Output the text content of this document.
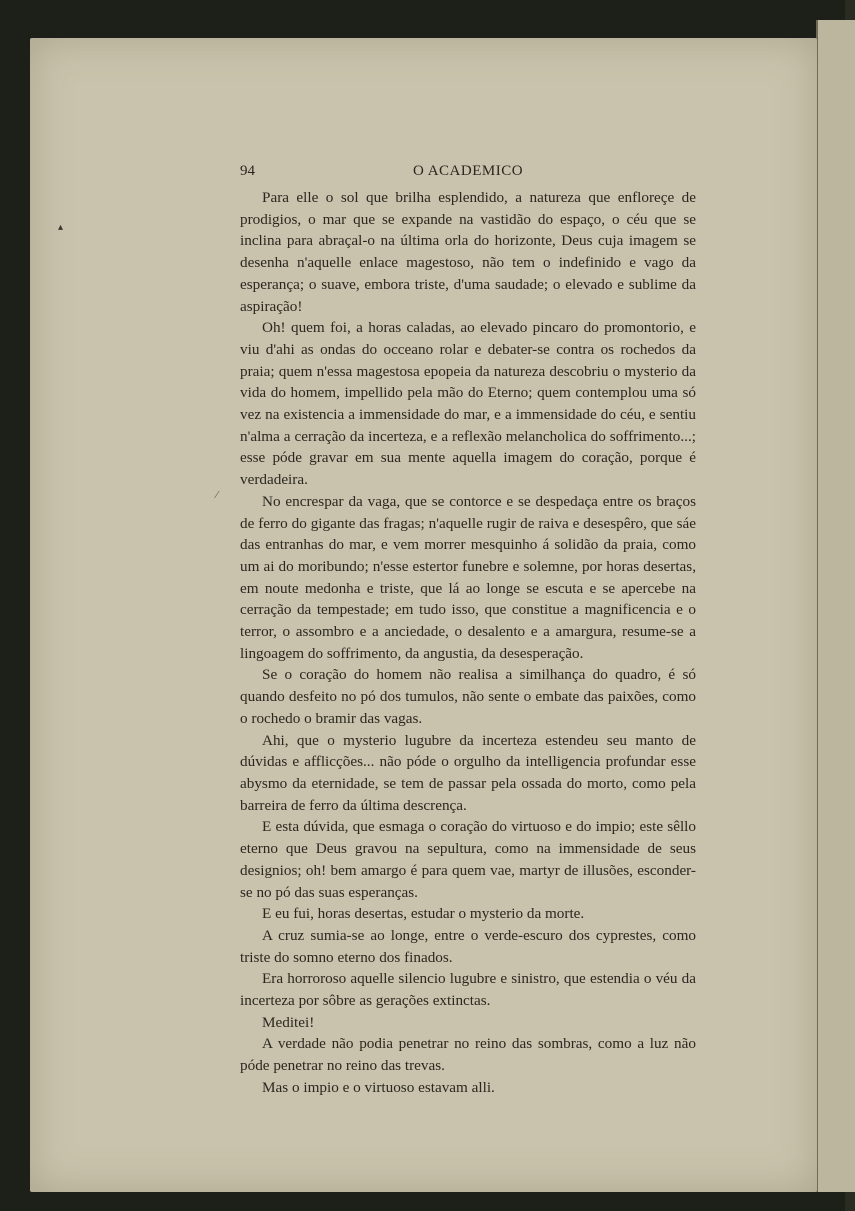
94	O ACADEMICO

Para elle o sol que brilha esplendido, a natureza que enfloreçe de prodigios, o mar que se expande na vastidão do espaço, o céu que se inclina para abraçal-o na última orla do horizonte, Deus cuja imagem se desenha n'aquelle enlace magestoso, não tem o indefinido e vago da esperança; o suave, embora triste, d'uma saudade; o elevado e sublime da aspiração!

Oh! quem foi, a horas caladas, ao elevado pincaro do promontorio, e viu d'ahi as ondas do occeano rolar e debater-se contra os rochedos da praia; quem n'essa magestosa epopeia da natureza descobriu o mysterio da vida do homem, impellido pela mão do Eterno; quem contemplou uma só vez na existencia a immensidade do mar, e a immensidade do céu, e sentiu n'alma a cerração da incerteza, e a reflexão melancholica do soffrimento...; esse póde gravar em sua mente aquella imagem do coração, porque é verdadeira.

No encrespar da vaga, que se contorce e se despedaça entre os braços de ferro do gigante das fragas; n'aquelle rugir de raiva e desespêro, que sáe das entranhas do mar, e vem morrer mesquinho á solidão da praia, como um ai do moribundo; n'esse estertor funebre e solemne, por horas desertas, em noute medonha e triste, que lá ao longe se escuta e se apercebe na cerração da tempestade; em tudo isso, que constitue a magnificencia e o terror, o assombro e a anciedade, o desalento e a amargura, resume-se a lingoagem do soffrimento, da angustia, da desesperação.

Se o coração do homem não realisa a similhança do quadro, é só quando desfeito no pó dos tumulos, não sente o embate das paixões, como o rochedo o bramir das vagas.

Ahi, que o mysterio lugubre da incerteza estendeu seu manto de dúvidas e afflicções... não póde o orgulho da intelligencia profundar esse abysmo da eternidade, se tem de passar pela ossada do morto, como pela barreira de ferro da última descrença.

E esta dúvida, que esmaga o coração do virtuoso e do impio; este sêllo eterno que Deus gravou na sepultura, como na immensidade de seus designios; oh! bem amargo é para quem vae, martyr de illusões, esconder-se no pó das suas esperanças.

E eu fui, horas desertas, estudar o mysterio da morte.

A cruz sumia-se ao longe, entre o verde-escuro dos cyprestes, como triste do somno eterno dos finados.

Era horroroso aquelle silencio lugubre e sinistro, que estendia o véu da incerteza por sôbre as gerações extinctas.

Meditei!

A verdade não podia penetrar no reino das sombras, como a luz não póde penetrar no reino das trevas.

Mas o impio e o virtuoso estavam alli.

▴
⁄
